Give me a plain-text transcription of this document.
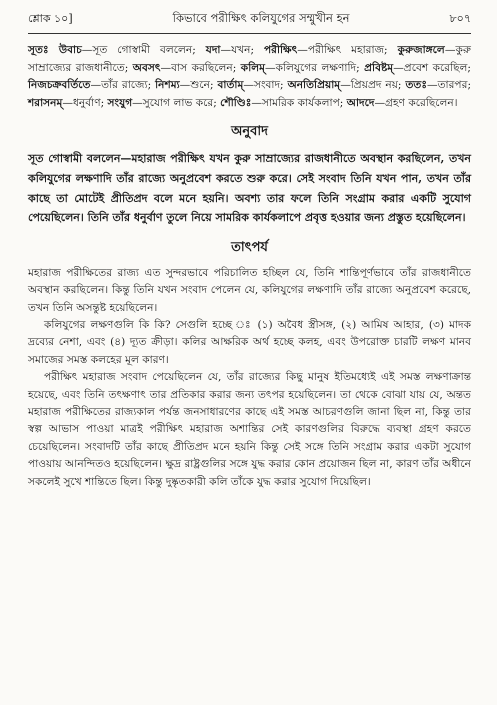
শ্লোক ১০]	কিভাবে পরীক্ষিৎ কলিযুগের সম্মুখীন হন	৮০৭

সূতঃ উবাচ—সূত গোস্বামী বললেন; যদা—যখন; পরীক্ষিৎ—পরীক্ষিৎ মহারাজ; কুরুজাঙ্গলে—কুরু সাম্রাজ্যের রাজধানীতে; অবসৎ—বাস করছিলেন; কলিম্—কলিযুগের লক্ষণাদি; প্রবিষ্টম্—প্রবেশ করেছিল; নিজচক্রবর্তিতে—তাঁর রাজ্যে; নিশম্য—শুনে; বার্তাম্—সংবাদ; অনতিপ্রিয়াম্—প্রিয়প্রদ নয়; ততঃ—তারপর; শরাসনম্—ধনুর্বাণ; সংযুগ—সুযোগ লাভ করে; শৌণ্ডিঃ—সামরিক কার্যকলাপ; আদদে—গ্রহণ করেছিলেন।

অনুবাদ

সূত গোস্বামী বললেন—মহারাজ পরীক্ষিৎ যখন কুরু সাম্রাজ্যের রাজধানীতে অবস্থান করছিলেন, তখন কলিযুগের লক্ষণাদি তাঁর রাজ্যে অনুপ্রবেশ করতে শুরু করে। সেই সংবাদ তিনি যখন পান, তখন তাঁর কাছে তা মোটেই প্রীতিপ্রদ বলে মনে হয়নি। অবশ্য তার ফলে তিনি সংগ্রাম করার একটি সুযোগ পেয়েছিলেন। তিনি তাঁর ধনুর্বাণ তুলে নিয়ে সামরিক কার্যকলাপে প্রবৃত্ত হওয়ার জন্য প্রস্তুত হয়েছিলেন।

তাৎপর্য

মহারাজ পরীক্ষিতের রাজ্য এত সুন্দরভাবে পরিচালিত হচ্ছিল যে, তিনি শান্তিপূর্ণভাবে তাঁর রাজধানীতে অবস্থান করছিলেন। কিন্তু তিনি যখন সংবাদ পেলেন যে, কলিযুগের লক্ষণাদি তাঁর রাজ্যে অনুপ্রবেশ করেছে, তখন তিনি অসন্তুষ্ট হয়েছিলেন।

কলিযুগের লক্ষণগুলি কি কি? সেগুলি হচ্ছে ঃ (১) অবৈধ স্ত্রীসঙ্গ, (২) আমিষ আহার, (৩) মাদক দ্রব্যের নেশা, এবং (৪) দ্যূত ক্রীড়া। কলির আক্ষরিক অর্থ হচ্ছে কলহ, এবং উপরোক্ত চারটি লক্ষণ মানব সমাজের সমস্ত কলহের মূল কারণ।

পরীক্ষিৎ মহারাজ সংবাদ পেয়েছিলেন যে, তাঁর রাজ্যের কিছু মানুষ ইতিমধ্যেই এই সমস্ত লক্ষণাক্রান্ত হয়েছে, এবং তিনি তৎক্ষণাৎ তার প্রতিকার করার জন্য তৎপর হয়েছিলেন। তা থেকে বোঝা যায় যে, অন্তত মহারাজ পরীক্ষিতের রাজ্যকাল পর্যন্ত জনসাধারণের কাছে এই সমস্ত আচরণগুলি জানা ছিল না, কিন্তু তার স্বল্প আভাস পাওয়া মাত্রই পরীক্ষিৎ মহারাজ অশান্তির সেই কারণগুলির বিরুদ্ধে ব্যবস্থা গ্রহণ করতে চেয়েছিলেন। সংবাদটি তাঁর কাছে প্রীতিপ্রদ মনে হয়নি কিন্তু সেই সঙ্গে তিনি সংগ্রাম করার একটা সুযোগ পাওয়ায় আনন্দিতও হয়েছিলেন। ক্ষুদ্র রাষ্ট্রগুলির সঙ্গে যুদ্ধ করার কোন প্রয়োজন ছিল না, কারণ তাঁর অধীনে সকলেই সুখে শান্তিতে ছিল। কিন্তু দুষ্কৃতকারী কলি তাঁকে যুদ্ধ করার সুযোগ দিয়েছিল।
